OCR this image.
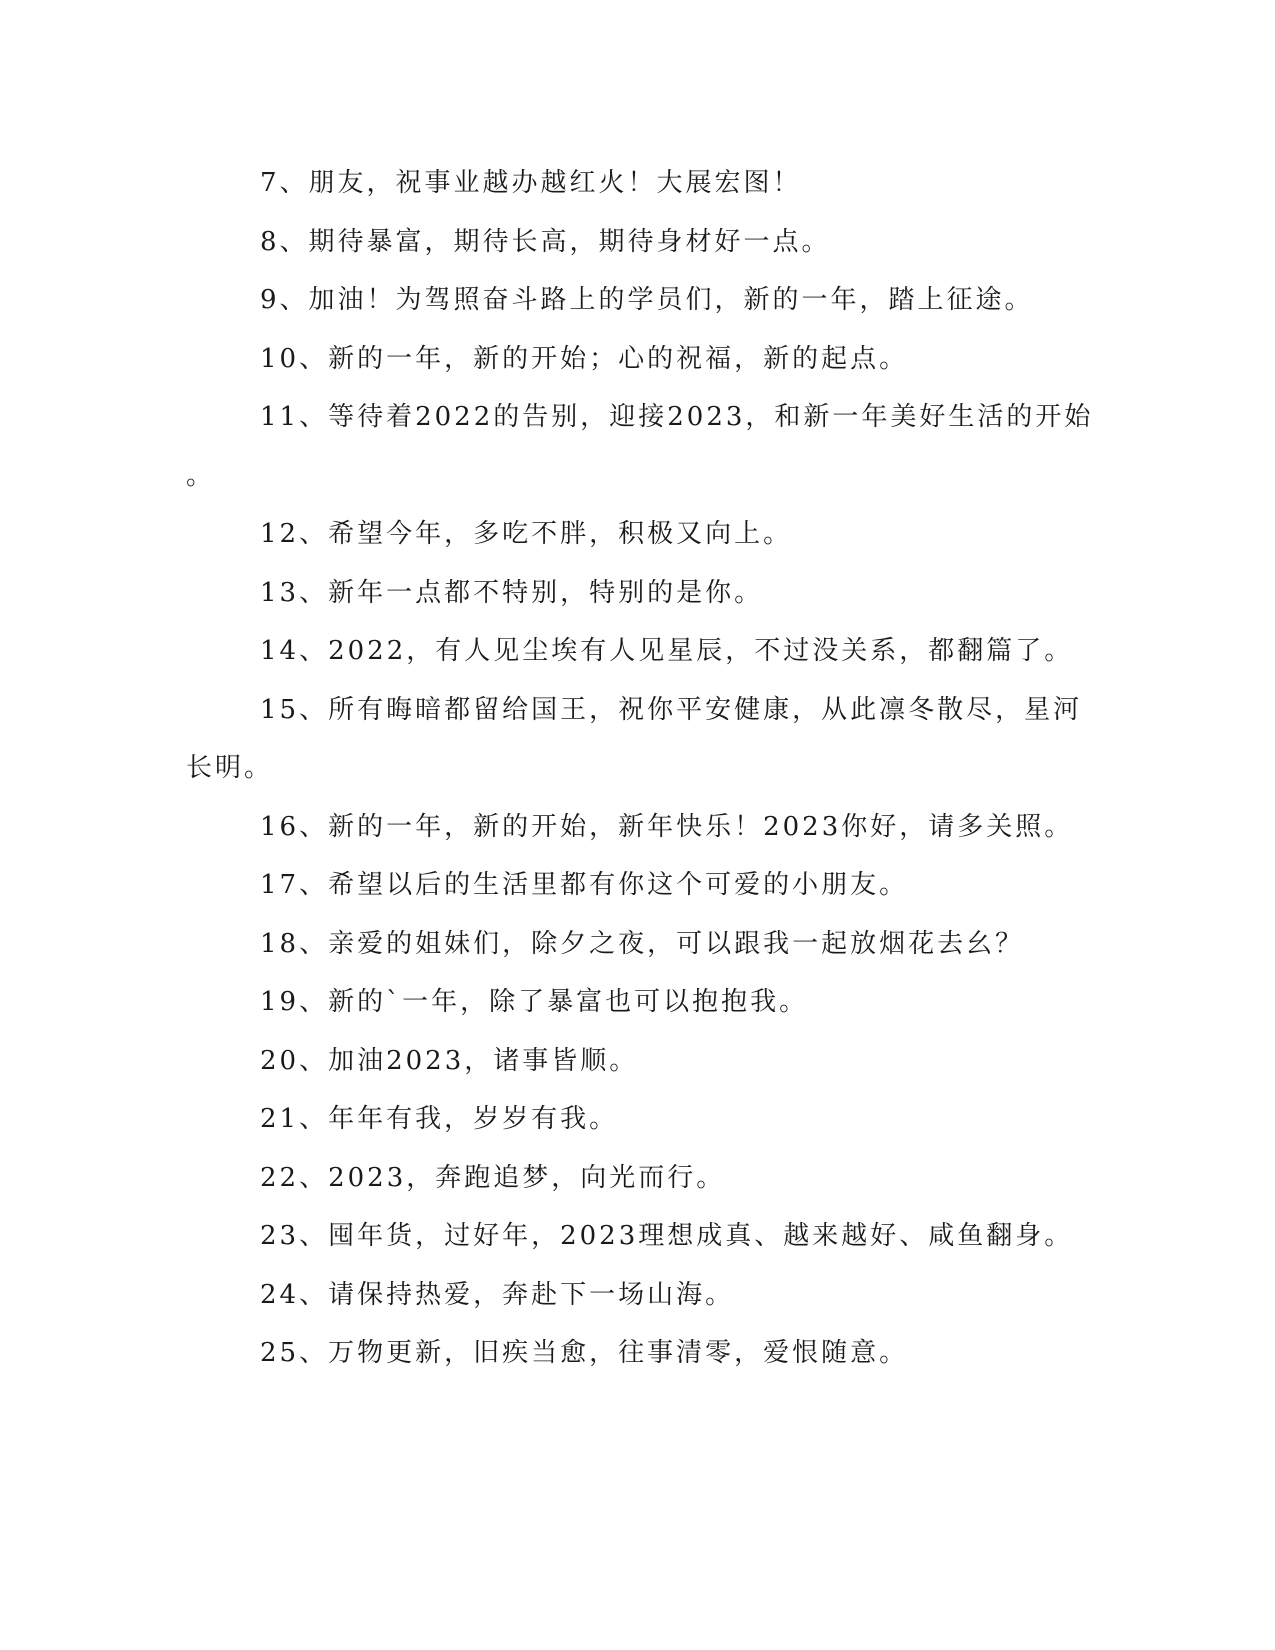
7、朋友，祝事业越办越红火！大展宏图！
8、期待暴富，期待长高，期待身材好一点。
9、加油！为驾照奋斗路上的学员们，新的一年，踏上征途。
10、新的一年，新的开始；心的祝福，新的起点。
11、等待着2022的告别，迎接2023，和新一年美好生活的开始
。
12、希望今年，多吃不胖，积极又向上。
13、新年一点都不特别，特别的是你。
14、2022，有人见尘埃有人见星辰，不过没关系，都翻篇了。
15、所有晦暗都留给国王，祝你平安健康，从此凛冬散尽，星河
长明。
16、新的一年，新的开始，新年快乐！2023你好，请多关照。
17、希望以后的生活里都有你这个可爱的小朋友。
18、亲爱的姐妹们，除夕之夜，可以跟我一起放烟花去幺？
19、新的`一年，除了暴富也可以抱抱我。
20、加油2023，诸事皆顺。
21、年年有我，岁岁有我。
22、2023，奔跑追梦，向光而行。
23、囤年货，过好年，2023理想成真、越来越好、咸鱼翻身。
24、请保持热爱，奔赴下一场山海。
25、万物更新，旧疾当愈，往事清零，爱恨随意。
